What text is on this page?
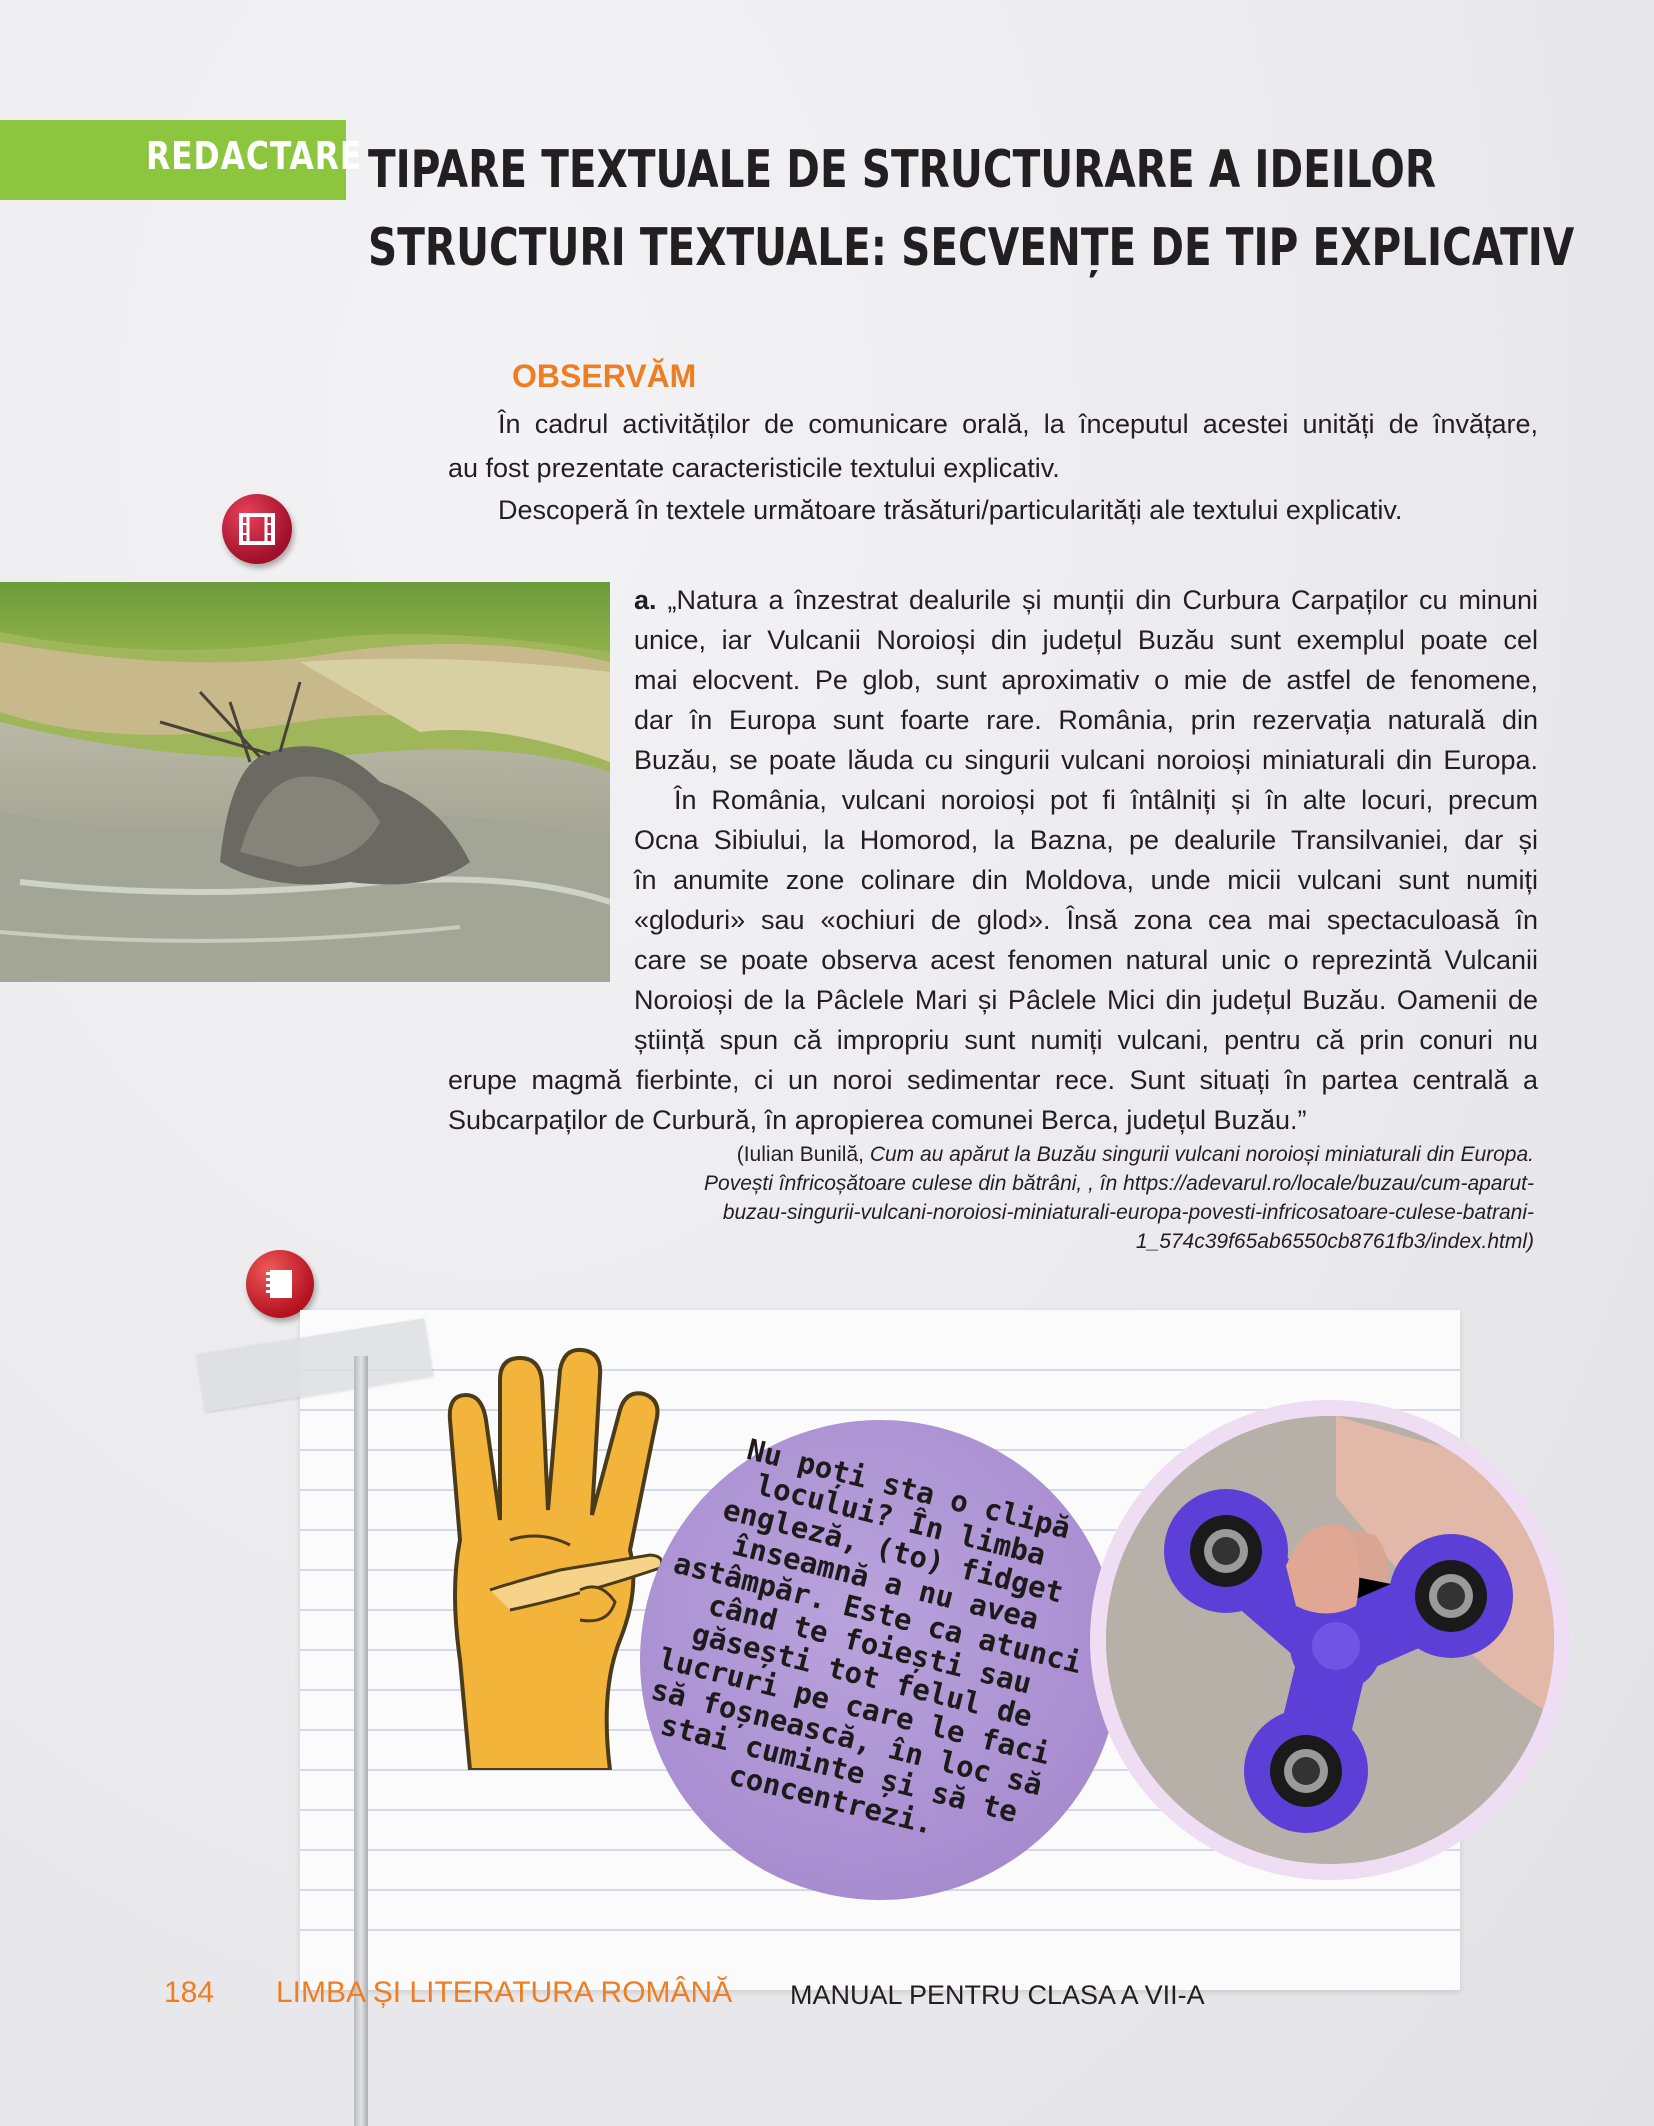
REDACTARE TIPARE TEXTUALE DE STRUCTURARE A IDEILOR
STRUCTURI TEXTUALE: SECVENȚE DE TIP EXPLICATIV
OBSERVĂM
În cadrul activităților de comunicare orală, la începutul acestei unități de învățare,
au fost prezentate caracteristicile textului explicativ.
Descoperă în textele următoare trăsături/particularități ale textului explicativ.
a. „Natura a înzestrat dealurile și munții din Curbura Carpaților cu minuni
unice, iar Vulcanii Noroioși din județul Buzău sunt exemplul poate cel
mai elocvent. Pe glob, sunt aproximativ o mie de astfel de fenomene,
dar în Europa sunt foarte rare. România, prin rezervația naturală din
Buzău, se poate lăuda cu singurii vulcani noroioși miniaturali din Europa.
În România, vulcani noroioși pot fi întâlniți și în alte locuri, precum
Ocna Sibiului, la Homorod, la Bazna, pe dealurile Transilvaniei, dar și
în anumite zone colinare din Moldova, unde micii vulcani sunt numiți
«gloduri» sau «ochiuri de glod». Însă zona cea mai spectaculoasă în
care se poate observa acest fenomen natural unic o reprezintă Vulcanii
Noroioși de la Pâclele Mari și Pâclele Mici din județul Buzău. Oamenii de
știință spun că impropriu sunt numiți vulcani, pentru că prin conuri nu
erupe magmă fierbinte, ci un noroi sedimentar rece. Sunt situați în partea centrală a
Subcarpaților de Curbură, în apropierea comunei Berca, județul Buzău.”
(Iulian Bunilă, Cum au apărut la Buzău singurii vulcani noroioși miniaturali din Europa.
Povești înfricoșătoare culese din bătrâni, , în https://adevarul.ro/locale/buzau/cum-aparut-
buzau-singurii-vulcani-noroiosi-miniaturali-europa-povesti-infricosatoare-culese-batrani-
1_574c39f65ab6550cb8761fb3/index.html)
Nu poți sta o clipă locului? În limba engleză, (to) fidget înseamnă a nu avea astâmpăr. Este ca atunci când te foiești sau găsești tot felul de lucruri pe care le faci să foșnească, în loc să stai cuminte și să te concentrezi.
184 LIMBA ȘI LITERATURA ROMÂNĂ MANUAL PENTRU CLASA A VII-A
